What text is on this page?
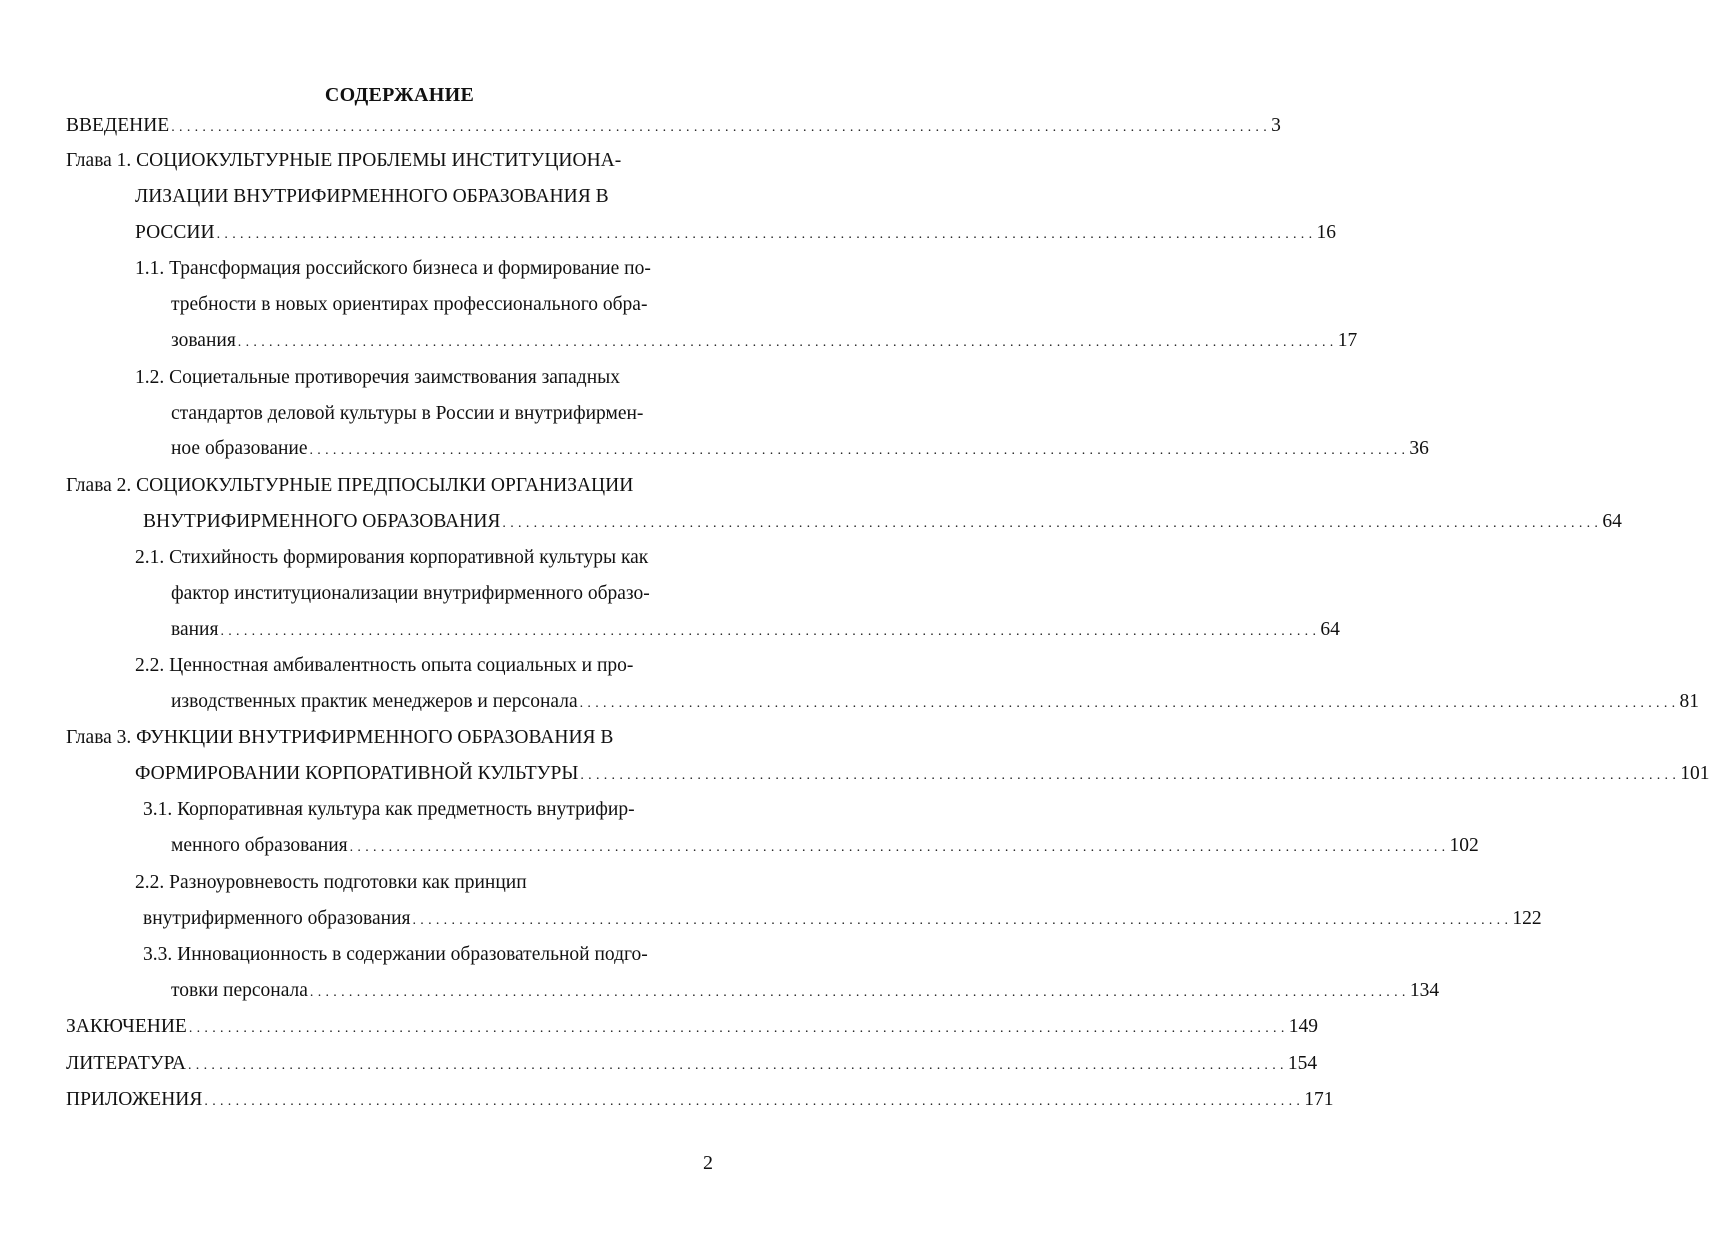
СОДЕРЖАНИЕ
ВВЕДЕНИЕ . . . . . . . . . . . . . . . . . . . . . . . . . . . . . . . . . . . . . . . . . . . . . . . . . . . . . . . . . . . . . . . . . . . . . . . . . . . . . . . . . . . . . . . . . . . . . . . . . . . . . . . . . . . . . . . . . . . . . . . . . . . . . . . . . . . . . . . . . . . . . 3
Глава 1. СОЦИОКУЛЬТУРНЫЕ ПРОБЛЕМЫ ИНСТИТУЦИОНА-
ЛИЗАЦИИ ВНУТРИФИРМЕННОГО ОБРАЗОВАНИЯ В
РОССИИ . . . . . . . . . . . . . . . . . . . . . . . . . . . . . . . . . . . . . . . . . . . . . . . . . . . . . . . . . . . . . . . . . . . . . . . . . . . . . . . . . . . . . . . . . . . . . . . . . . . . . . . . . . . . . . . . . . . . . . . . . . . . . . . . . . . . . . . . . . . . . 16
1.1. Трансформация российского бизнеса и формирование по-
требности в новых ориентирах профессионального обра-
зования . . . . . . . . . . . . . . . . . . . . . . . . . . . . . . . . . . . . . . . . . . . . . . . . . . . . . . . . . . . . . . . . . . . . . . . . . . . . . . . . . . . . . . . . . . . . . . . . . . . . . . . . . . . . . . . . . . . . . . . . . . . . . . . . . . . . . . . . . . . . . 17
1.2. Социетальные противоречия заимствования западных
стандартов деловой культуры в России и внутрифирмен-
ное образование . . . . . . . . . . . . . . . . . . . . . . . . . . . . . . . . . . . . . . . . . . . . . . . . . . . . . . . . . . . . . . . . . . . . . . . . . . . . . . . . . . . . . . . . . . . . . . . . . . . . . . . . . . . . . . . . . . . . . . . . . . . . . . . . . . . . . . . . . . . . . 36
Глава 2. СОЦИОКУЛЬТУРНЫЕ ПРЕДПОСЫЛКИ ОРГАНИЗАЦИИ
ВНУТРИФИРМЕННОГО ОБРАЗОВАНИЯ . . . . . . . . . . . . . . . . . . . . . . . . . . . . . . . . . . . . . . . . . . . . . . . . . . . . . . . . . . . . . . . . . . . . . . . . . . . . . . . . . . . . . . . . . . . . . . . . . . . . . . . . . . . . . . . . . . . . . . . . . . . . . . . . . . . . . . . . . . . . . 64
2.1. Стихийность формирования корпоративной культуры как
фактор институционализации внутрифирменного образо-
вания . . . . . . . . . . . . . . . . . . . . . . . . . . . . . . . . . . . . . . . . . . . . . . . . . . . . . . . . . . . . . . . . . . . . . . . . . . . . . . . . . . . . . . . . . . . . . . . . . . . . . . . . . . . . . . . . . . . . . . . . . . . . . . . . . . . . . . . . . . . . . 64
2.2. Ценностная амбивалентность опыта социальных и про-
изводственных практик менеджеров и персонала . . . . . . . . . . . . . . . . . . . . . . . . . . . . . . . . . . . . . . . . . . . . . . . . . . . . . . . . . . . . . . . . . . . . . . . . . . . . . . . . . . . . . . . . . . . . . . . . . . . . . . . . . . . . . . . . . . . . . . . . . . . . . . . . . . . . . . . . . . . . . 81
Глава 3. ФУНКЦИИ ВНУТРИФИРМЕННОГО ОБРАЗОВАНИЯ В
ФОРМИРОВАНИИ КОРПОРАТИВНОЙ КУЛЬТУРЫ . . . . . . . . . . . . . . . . . . . . . . . . . . . . . . . . . . . . . . . . . . . . . . . . . . . . . . . . . . . . . . . . . . . . . . . . . . . . . . . . . . . . . . . . . . . . . . . . . . . . . . . . . . . . . . . . . . . . . . . . . . . . . . . . . . . . . . . . . . . . . 101
3.1. Корпоративная культура как предметность внутрифир-
менного образования . . . . . . . . . . . . . . . . . . . . . . . . . . . . . . . . . . . . . . . . . . . . . . . . . . . . . . . . . . . . . . . . . . . . . . . . . . . . . . . . . . . . . . . . . . . . . . . . . . . . . . . . . . . . . . . . . . . . . . . . . . . . . . . . . . . . . . . . . . . . . 102
2.2. Разноуровневость подготовки как принцип
внутрифирменного образования . . . . . . . . . . . . . . . . . . . . . . . . . . . . . . . . . . . . . . . . . . . . . . . . . . . . . . . . . . . . . . . . . . . . . . . . . . . . . . . . . . . . . . . . . . . . . . . . . . . . . . . . . . . . . . . . . . . . . . . . . . . . . . . . . . . . . . . . . . . . . 122
3.3. Инновационность в содержании образовательной подго-
товки персонала . . . . . . . . . . . . . . . . . . . . . . . . . . . . . . . . . . . . . . . . . . . . . . . . . . . . . . . . . . . . . . . . . . . . . . . . . . . . . . . . . . . . . . . . . . . . . . . . . . . . . . . . . . . . . . . . . . . . . . . . . . . . . . . . . . . . . . . . . . . . . 134
ЗАКЮЧЕНИЕ . . . . . . . . . . . . . . . . . . . . . . . . . . . . . . . . . . . . . . . . . . . . . . . . . . . . . . . . . . . . . . . . . . . . . . . . . . . . . . . . . . . . . . . . . . . . . . . . . . . . . . . . . . . . . . . . . . . . . . . . . . . . . . . . . . . . . . . . . . . . . 149
ЛИТЕРАТУРА . . . . . . . . . . . . . . . . . . . . . . . . . . . . . . . . . . . . . . . . . . . . . . . . . . . . . . . . . . . . . . . . . . . . . . . . . . . . . . . . . . . . . . . . . . . . . . . . . . . . . . . . . . . . . . . . . . . . . . . . . . . . . . . . . . . . . . . . . . . . . 154
ПРИЛОЖЕНИЯ . . . . . . . . . . . . . . . . . . . . . . . . . . . . . . . . . . . . . . . . . . . . . . . . . . . . . . . . . . . . . . . . . . . . . . . . . . . . . . . . . . . . . . . . . . . . . . . . . . . . . . . . . . . . . . . . . . . . . . . . . . . . . . . . . . . . . . . . . . . . . 171
2
